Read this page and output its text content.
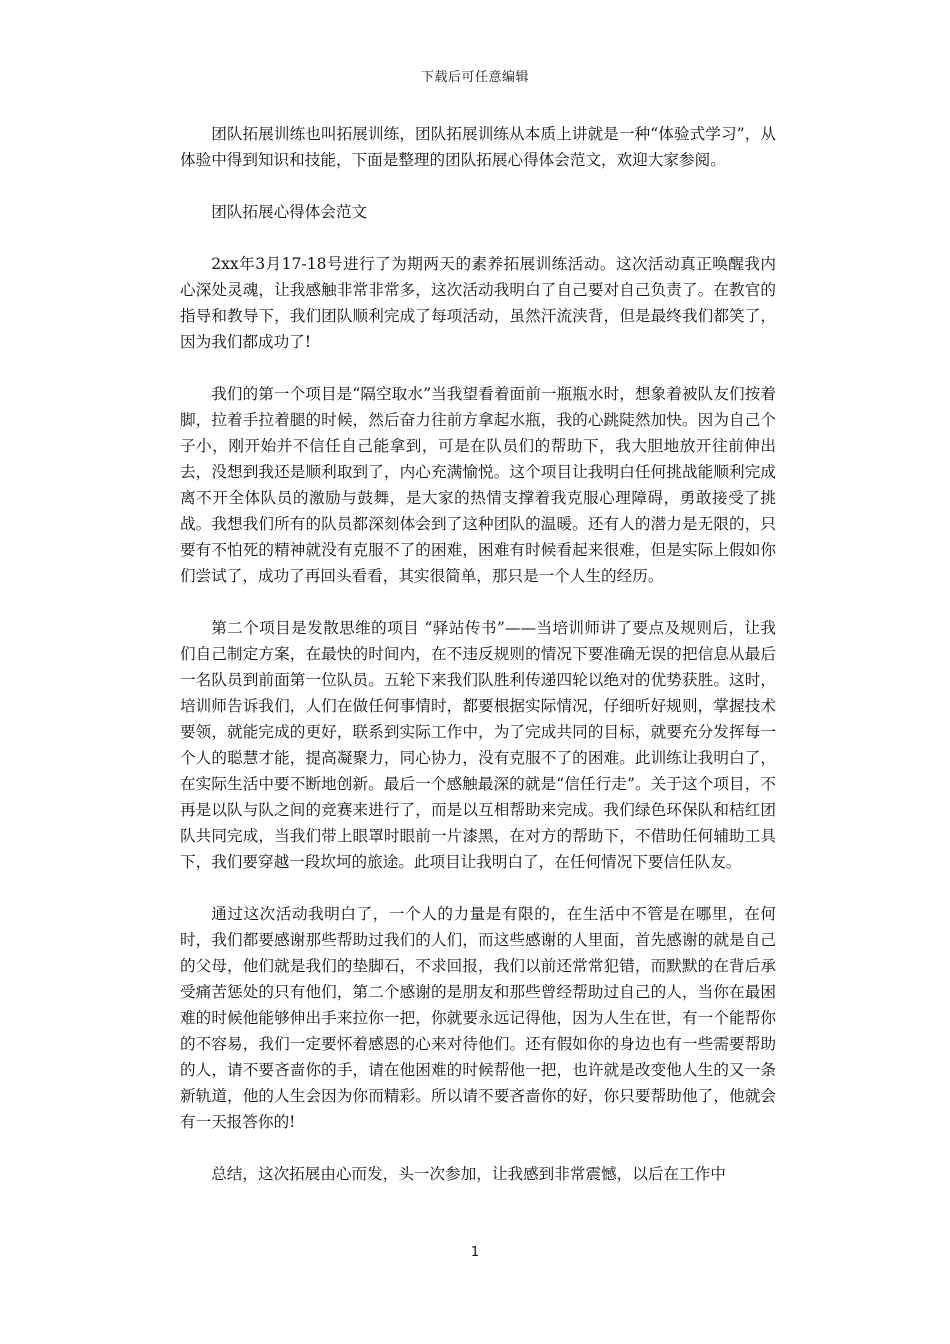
下载后可任意编辑

团队拓展训练也叫拓展训练，团队拓展训练从本质上讲就是一种“体验式学习”，从体验中得到知识和技能，下面是整理的团队拓展心得体会范文，欢迎大家参阅。

团队拓展心得体会范文

2xx年3月17-18号进行了为期两天的素养拓展训练活动。这次活动真正唤醒我内心深处灵魂，让我感触非常非常多，这次活动我明白了自己要对自己负责了。在教官的指导和教导下，我们团队顺利完成了每项活动，虽然汗流浃背，但是最终我们都笑了，因为我们都成功了!

我们的第一个项目是“隔空取水”当我望看着面前一瓶瓶水时，想象着被队友们按着脚，拉着手拉着腿的时候，然后奋力往前方拿起水瓶，我的心跳陡然加快。因为自己个子小，刚开始并不信任自己能拿到，可是在队员们的帮助下，我大胆地放开往前伸出去，没想到我还是顺利取到了，内心充满愉悦。这个项目让我明白任何挑战能顺利完成离不开全体队员的激励与鼓舞，是大家的热情支撑着我克服心理障碍，勇敢接受了挑战。我想我们所有的队员都深刻体会到了这种团队的温暖。还有人的潜力是无限的，只要有不怕死的精神就没有克服不了的困难，困难有时候看起来很难，但是实际上假如你们尝试了，成功了再回头看看，其实很简单，那只是一个人生的经历。

第二个项目是发散思维的项目 “驿站传书”——当培训师讲了要点及规则后，让我们自己制定方案，在最快的时间内，在不违反规则的情况下要准确无误的把信息从最后一名队员到前面第一位队员。五轮下来我们队胜利传递四轮以绝对的优势获胜。这时，培训师告诉我们，人们在做任何事情时，都要根据实际情况，仔细听好规则，掌握技术要领，就能完成的更好，联系到实际工作中，为了完成共同的目标，就要充分发挥每一个人的聪慧才能，提高凝聚力，同心协力，没有克服不了的困难。此训练让我明白了，在实际生活中要不断地创新。最后一个感触最深的就是“信任行走”。关于这个项目，不再是以队与队之间的竞赛来进行了，而是以互相帮助来完成。我们绿色环保队和桔红团队共同完成，当我们带上眼罩时眼前一片漆黑，在对方的帮助下，不借助任何辅助工具下，我们要穿越一段坎坷的旅途。此项目让我明白了，在任何情况下要信任队友。

通过这次活动我明白了，一个人的力量是有限的，在生活中不管是在哪里，在何时，我们都要感谢那些帮助过我们的人们，而这些感谢的人里面，首先感谢的就是自己的父母，他们就是我们的垫脚石，不求回报，我们以前还常常犯错，而默默的在背后承受痛苦惩处的只有他们，第二个感谢的是朋友和那些曾经帮助过自己的人，当你在最困难的时候他能够伸出手来拉你一把，你就要永远记得他，因为人生在世，有一个能帮你的不容易，我们一定要怀着感恩的心来对待他们。还有假如你的身边也有一些需要帮助的人，请不要吝啬你的手，请在他困难的时候帮他一把，也许就是改变他人生的又一条新轨道，他的人生会因为你而精彩。所以请不要吝啬你的好，你只要帮助他了，他就会有一天报答你的!

总结，这次拓展由心而发，头一次参加，让我感到非常震憾，以后在工作中

1
